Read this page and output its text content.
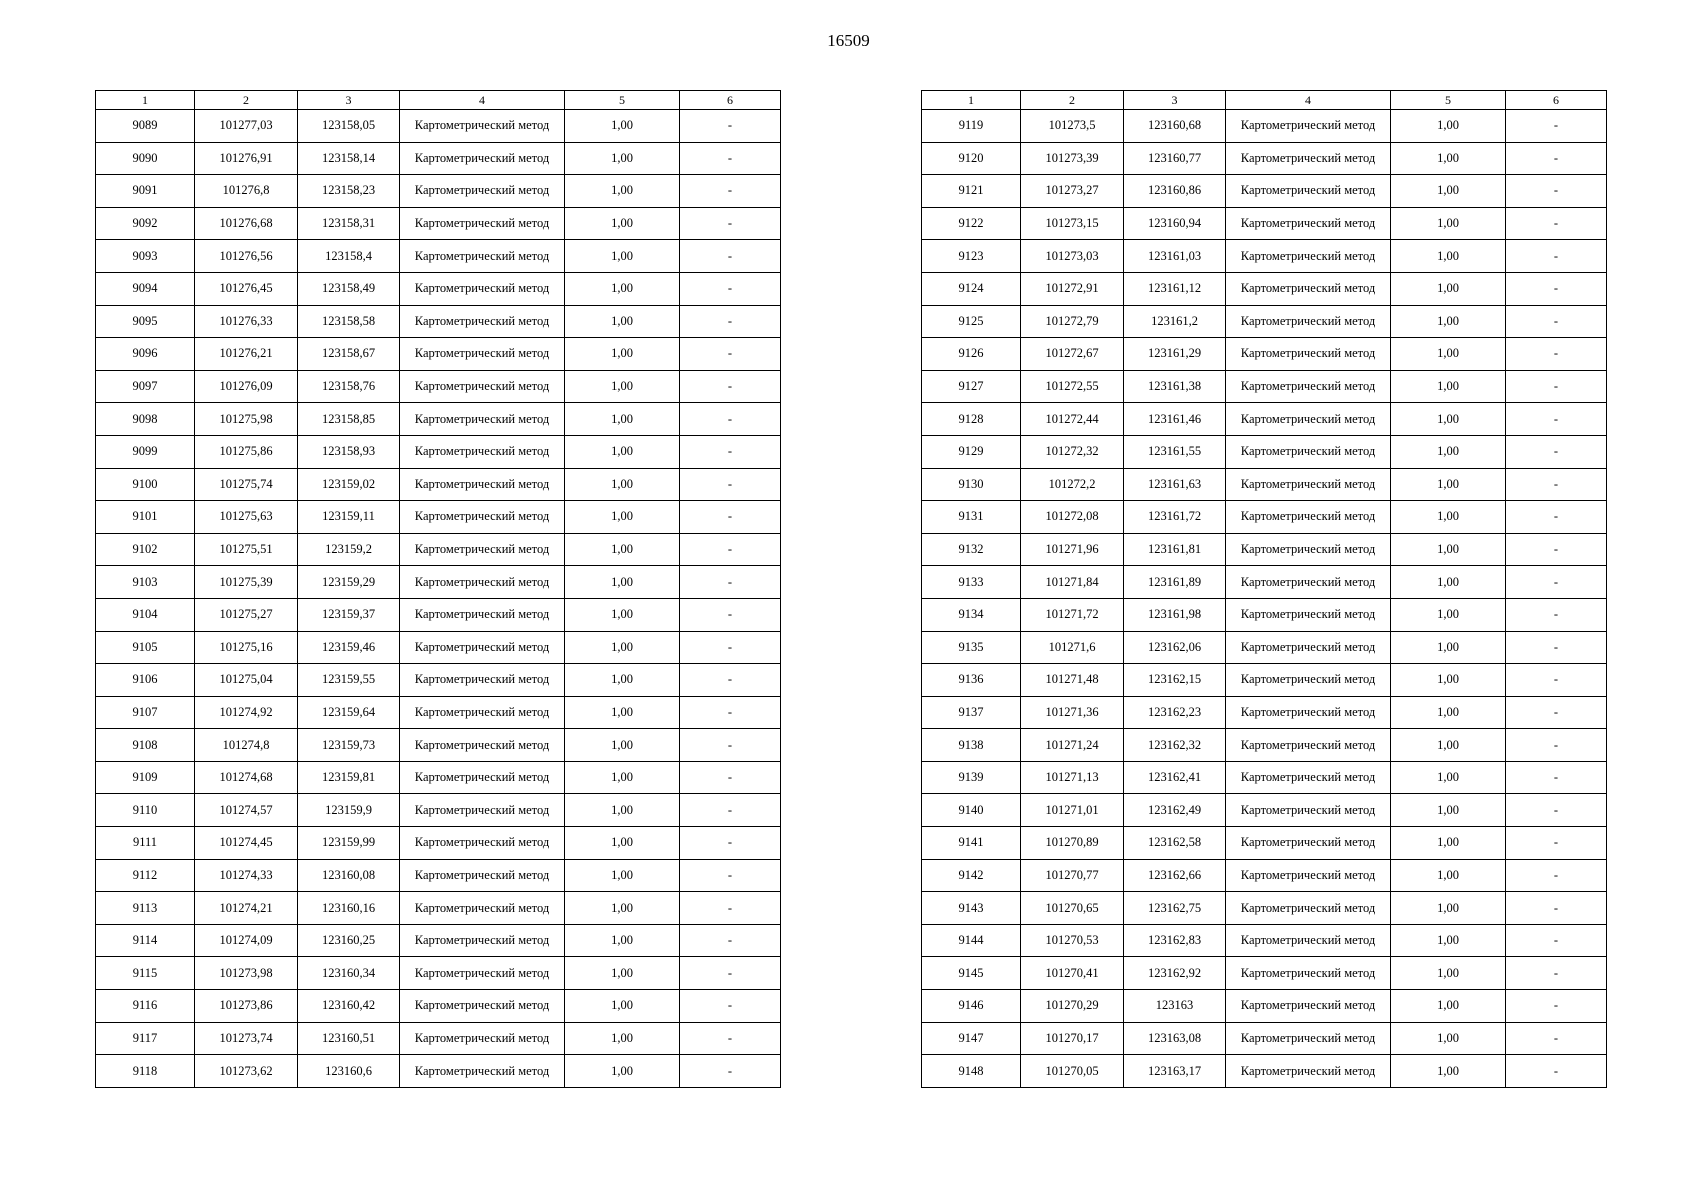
16509
1	2	3	4	5	6
9089	101277,03	123158,05	Картометрический метод	1,00	-
9090	101276,91	123158,14	Картометрический метод	1,00	-
9091	101276,8	123158,23	Картометрический метод	1,00	-
9092	101276,68	123158,31	Картометрический метод	1,00	-
9093	101276,56	123158,4	Картометрический метод	1,00	-
9094	101276,45	123158,49	Картометрический метод	1,00	-
9095	101276,33	123158,58	Картометрический метод	1,00	-
9096	101276,21	123158,67	Картометрический метод	1,00	-
9097	101276,09	123158,76	Картометрический метод	1,00	-
9098	101275,98	123158,85	Картометрический метод	1,00	-
9099	101275,86	123158,93	Картометрический метод	1,00	-
9100	101275,74	123159,02	Картометрический метод	1,00	-
9101	101275,63	123159,11	Картометрический метод	1,00	-
9102	101275,51	123159,2	Картометрический метод	1,00	-
9103	101275,39	123159,29	Картометрический метод	1,00	-
9104	101275,27	123159,37	Картометрический метод	1,00	-
9105	101275,16	123159,46	Картометрический метод	1,00	-
9106	101275,04	123159,55	Картометрический метод	1,00	-
9107	101274,92	123159,64	Картометрический метод	1,00	-
9108	101274,8	123159,73	Картометрический метод	1,00	-
9109	101274,68	123159,81	Картометрический метод	1,00	-
9110	101274,57	123159,9	Картометрический метод	1,00	-
9111	101274,45	123159,99	Картометрический метод	1,00	-
9112	101274,33	123160,08	Картометрический метод	1,00	-
9113	101274,21	123160,16	Картометрический метод	1,00	-
9114	101274,09	123160,25	Картометрический метод	1,00	-
9115	101273,98	123160,34	Картометрический метод	1,00	-
9116	101273,86	123160,42	Картометрический метод	1,00	-
9117	101273,74	123160,51	Картометрический метод	1,00	-
9118	101273,62	123160,6	Картометрический метод	1,00	-
1	2	3	4	5	6
9119	101273,5	123160,68	Картометрический метод	1,00	-
9120	101273,39	123160,77	Картометрический метод	1,00	-
9121	101273,27	123160,86	Картометрический метод	1,00	-
9122	101273,15	123160,94	Картометрический метод	1,00	-
9123	101273,03	123161,03	Картометрический метод	1,00	-
9124	101272,91	123161,12	Картометрический метод	1,00	-
9125	101272,79	123161,2	Картометрический метод	1,00	-
9126	101272,67	123161,29	Картометрический метод	1,00	-
9127	101272,55	123161,38	Картометрический метод	1,00	-
9128	101272,44	123161,46	Картометрический метод	1,00	-
9129	101272,32	123161,55	Картометрический метод	1,00	-
9130	101272,2	123161,63	Картометрический метод	1,00	-
9131	101272,08	123161,72	Картометрический метод	1,00	-
9132	101271,96	123161,81	Картометрический метод	1,00	-
9133	101271,84	123161,89	Картометрический метод	1,00	-
9134	101271,72	123161,98	Картометрический метод	1,00	-
9135	101271,6	123162,06	Картометрический метод	1,00	-
9136	101271,48	123162,15	Картометрический метод	1,00	-
9137	101271,36	123162,23	Картометрический метод	1,00	-
9138	101271,24	123162,32	Картометрический метод	1,00	-
9139	101271,13	123162,41	Картометрический метод	1,00	-
9140	101271,01	123162,49	Картометрический метод	1,00	-
9141	101270,89	123162,58	Картометрический метод	1,00	-
9142	101270,77	123162,66	Картометрический метод	1,00	-
9143	101270,65	123162,75	Картометрический метод	1,00	-
9144	101270,53	123162,83	Картометрический метод	1,00	-
9145	101270,41	123162,92	Картометрический метод	1,00	-
9146	101270,29	123163	Картометрический метод	1,00	-
9147	101270,17	123163,08	Картометрический метод	1,00	-
9148	101270,05	123163,17	Картометрический метод	1,00	-
